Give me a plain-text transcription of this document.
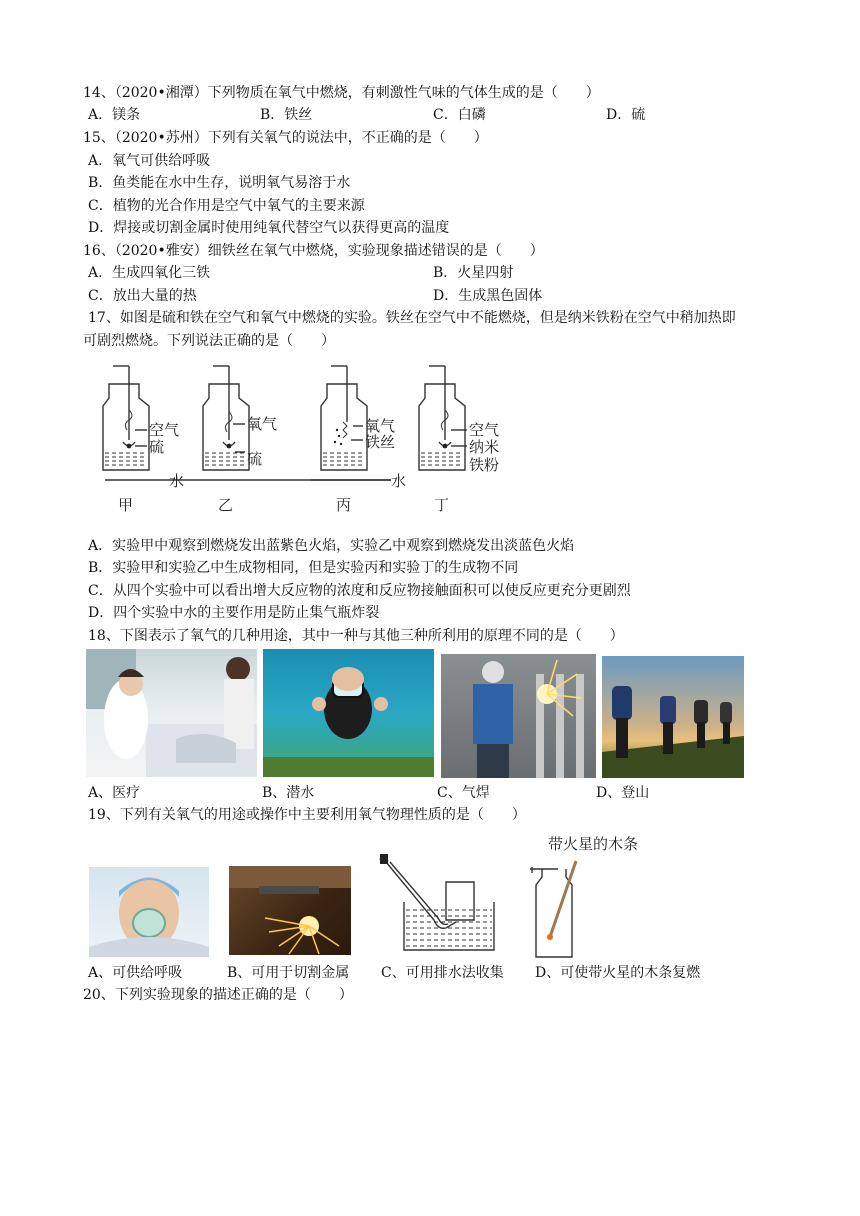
14、（2020•湘潭）下列物质在氧气中燃烧，有刺激性气味的气体生成的是（　　）
A．镁条	B．铁丝	C．白磷	D．硫
15、（2020•苏州）下列有关氧气的说法中，不正确的是（　　）
A．氧气可供给呼吸
B．鱼类能在水中生存，说明氧气易溶于水
C．植物的光合作用是空气中氧气的主要来源
D．焊接或切割金属时使用纯氧代替空气以获得更高的温度
16、（2020•雅安）细铁丝在氧气中燃烧，实验现象描述错误的是（　　）
A．生成四氧化三铁	B．火星四射
C．放出大量的热	D．生成黑色固体
17、如图是硫和铁在空气和氧气中燃烧的实验。铁丝在空气中不能燃烧，但是纳米铁粉在空气中稍加热即
可剧烈燃烧。下列说法正确的是（　　）
空气
硫
氧气
硫
氧气
铁丝
水	水
空气
纳米
铁粉
甲	乙	丙	丁
A．实验甲中观察到燃烧发出蓝紫色火焰，实验乙中观察到燃烧发出淡蓝色火焰
B．实验甲和实验乙中生成物相同，但是实验丙和实验丁的生成物不同
C．从四个实验中可以看出增大反应物的浓度和反应物接触面积可以使反应更充分更剧烈
D．四个实验中水的主要作用是防止集气瓶炸裂
18、下图表示了氧气的几种用途，其中一种与其他三种所利用的原理不同的是（　　）
A、医疗	B、潜水	C、气焊	D、登山
19、下列有关氧气的用途或操作中主要利用氧气物理性质的是（　　）
带火星的木条
A、可供给呼吸	B、可用于切割金属 C、可用排水法收集 D、可使带火星的木条复燃
20、下列实验现象的描述正确的是（　　）
